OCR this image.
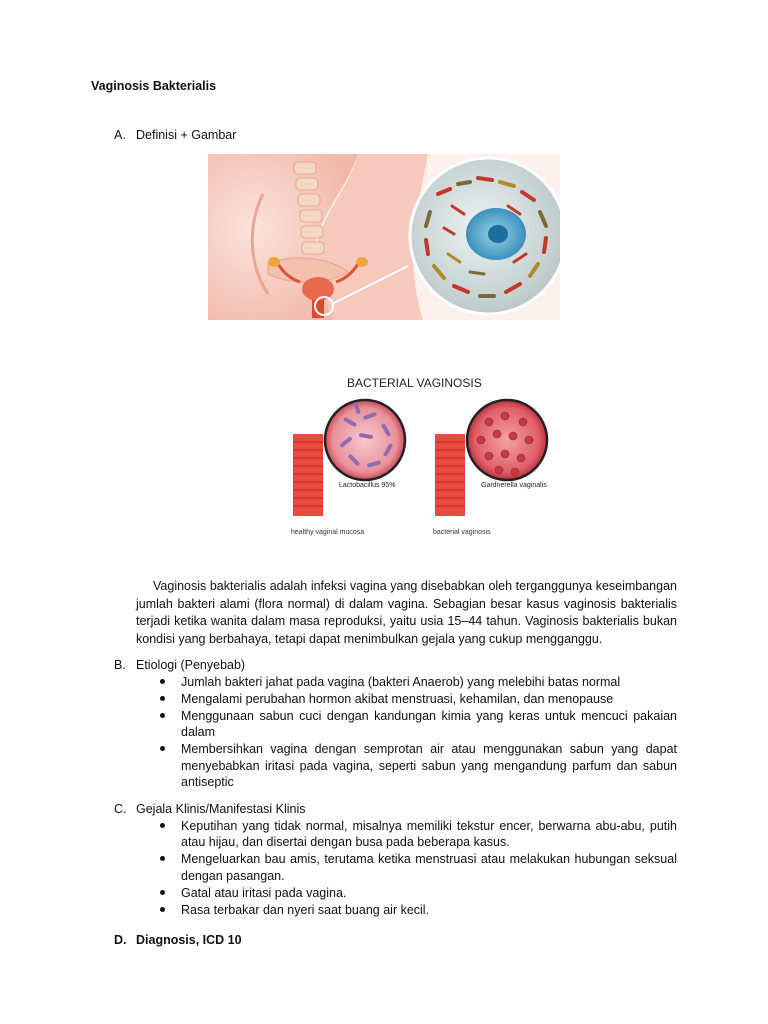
Vaginosis Bakterialis
A. Definisi + Gambar
BACTERIAL VAGINOSIS
Lactobacillus 95%
healthy vaginal mucosa
Gardnerella vaginalis
bacterial vaginosis

Vaginosis bakterialis adalah infeksi vagina yang disebabkan oleh terganggunya keseimbangan jumlah bakteri alami (flora normal) di dalam vagina. Sebagian besar kasus vaginosis bakterialis terjadi ketika wanita dalam masa reproduksi, yaitu usia 15–44 tahun. Vaginosis bakterialis bukan kondisi yang berbahaya, tetapi dapat menimbulkan gejala yang cukup mengganggu.

B. Etiologi (Penyebab)
Jumlah bakteri jahat pada vagina (bakteri Anaerob) yang melebihi batas normal
Mengalami perubahan hormon akibat menstruasi, kehamilan, dan menopause
Menggunaan sabun cuci dengan kandungan kimia yang keras untuk mencuci pakaian dalam
Membersihkan vagina dengan semprotan air atau menggunakan sabun yang dapat menyebabkan iritasi pada vagina, seperti sabun yang mengandung parfum dan sabun antiseptic
C. Gejala Klinis/Manifestasi Klinis
Keputihan yang tidak normal, misalnya memiliki tekstur encer, berwarna abu-abu, putih atau hijau, dan disertai dengan busa pada beberapa kasus.
Mengeluarkan bau amis, terutama ketika menstruasi atau melakukan hubungan seksual dengan pasangan.
Gatal atau iritasi pada vagina.
Rasa terbakar dan nyeri saat buang air kecil.
D. Diagnosis, ICD 10
